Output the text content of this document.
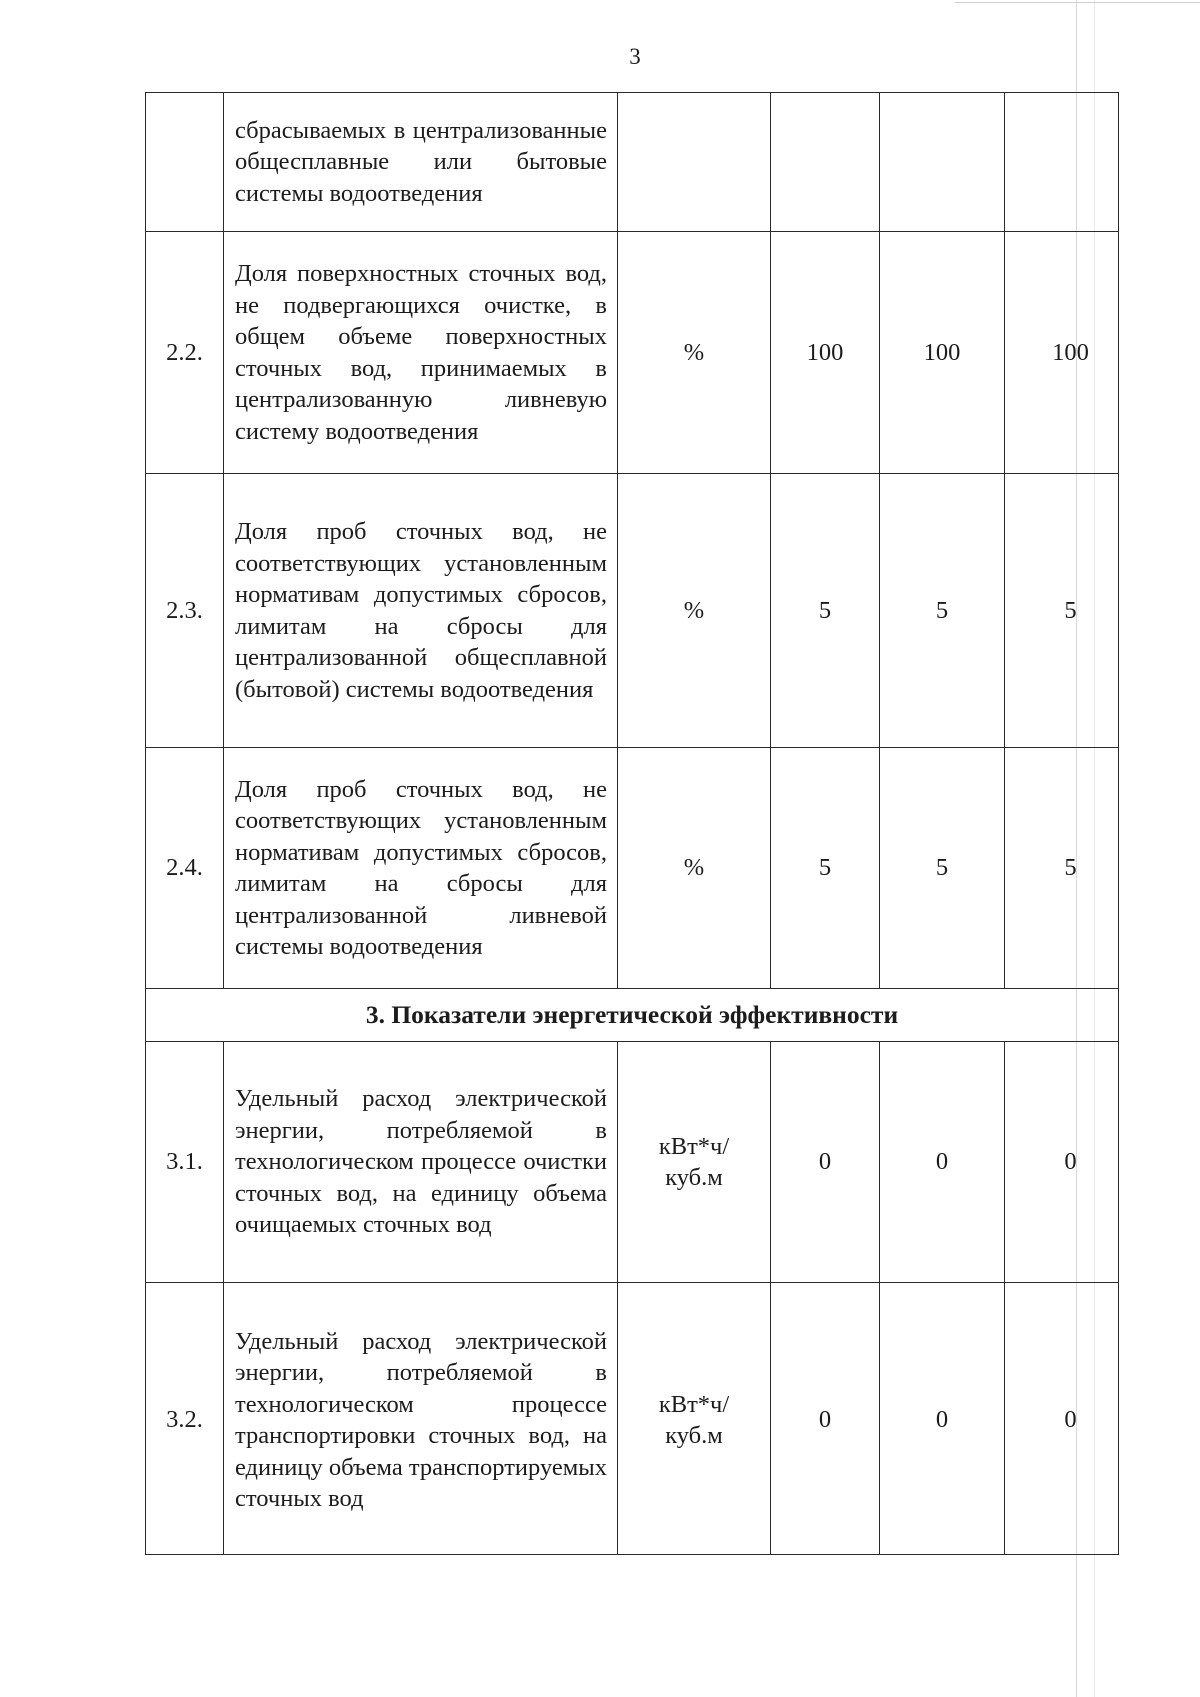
3

	сбрасываемых в централизованные общесплавные или бытовые системы водоотведения				

2.2.	Доля поверхностных сточных вод, не подвергающихся очистке, в общем объеме поверхностных сточных вод, принимаемых в централизованную ливневую систему водоотведения	%	100	100	100
2.3.	Доля проб сточных вод, не соответствующих установленным нормативам допустимых сбросов, лимитам на сбросы для централизованной общесплавной (бытовой) системы водоотведения	%	5	5	5
2.4.	Доля проб сточных вод, не соответствующих установленным нормативам допустимых сбросов, лимитам на сбросы для централизованной ливневой системы водоотведения	%	5	5	5
3. Показатели энергетической эффективности					
3.1.	Удельный расход электрической энергии, потребляемой в технологическом процессе очистки сточных вод, на единицу объема очищаемых сточных вод	кВт*ч/ куб.м	0	0	0

3.2.	Удельный расход электрической энергии, потребляемой в технологическом процессе транспортировки сточных вод, на единицу объема транспортируемых сточных вод	кВт*ч/ куб.м	0	0	0
